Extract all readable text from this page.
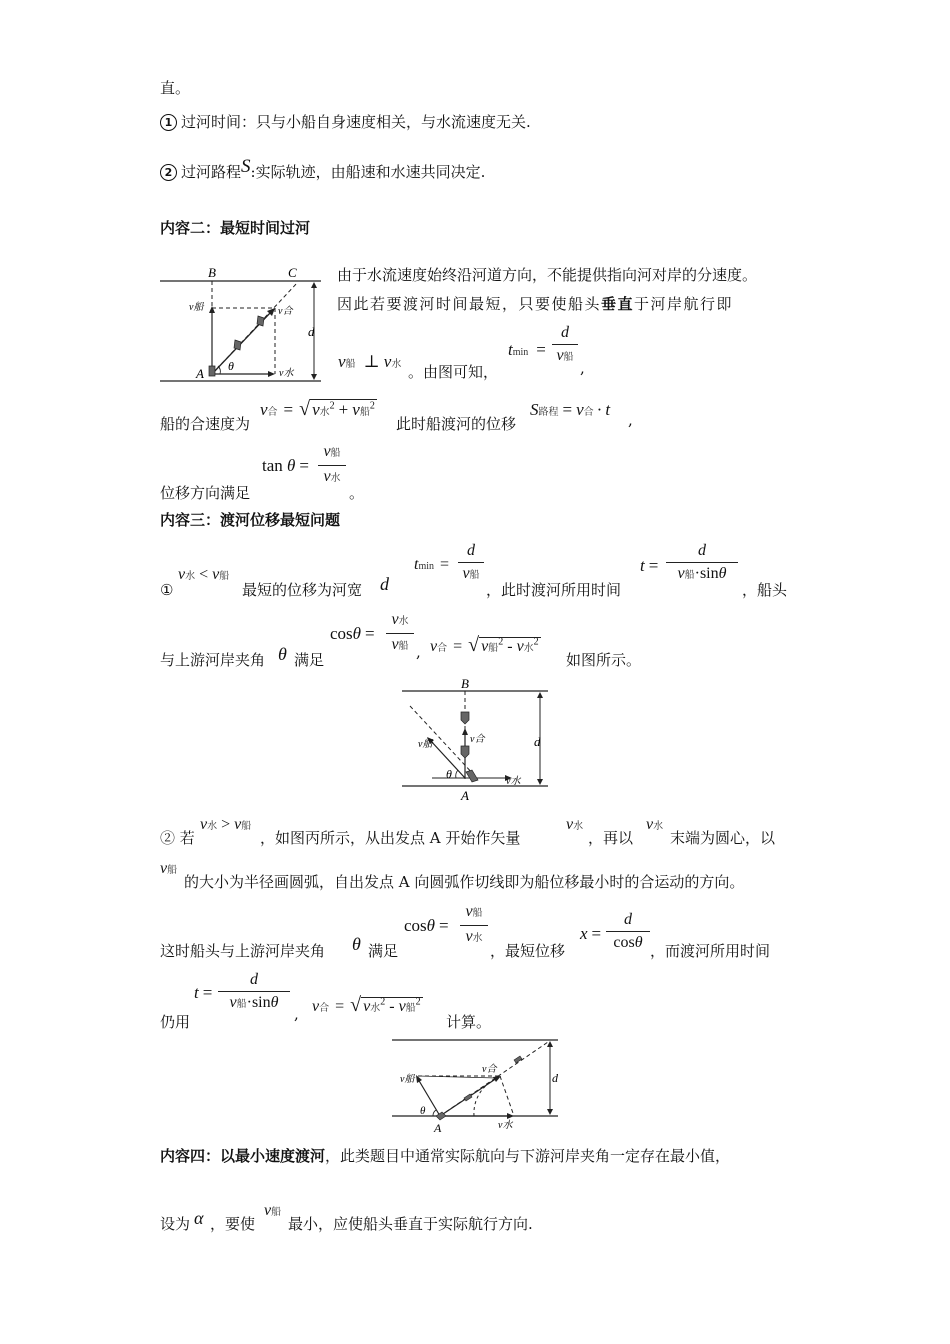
直。
1 过河时间：只与小船自身速度相关，与水流速度无关.
2 过河路程S:实际轨迹，由船速和水速共同决定.
内容二：最短时间过河
B	C
A
d
v船	v合
v水
θ
由于水流速度始终沿河道方向，不能提供指向河对岸的分速度。
因此若要渡河时间最短，只要使船头垂直于河岸航行即
v船 ⊥ v水 。由图可知，
tmin =
d
v船
,
船的合速度为
v合 = √ v水$^2$ + v船$^2$
此时船渡河的位移
S路程 = v合 · t
,
tan θ =
v船
v水
位移方向满足	。
内容三：渡河位移最短问题
①
v水 < v船
最短的位移为河宽 d
tmin =
d
v船
，此时渡河所用时间
t =
d
v船·sinθ
，船头
与上游河岸夹角 θ 满足
cosθ =
v水
v船 , v合 = √ v船$^2$ - v水$^2$
如图所示。
B
A
d
v船	v合
v水
θ
② 若
v水 > v船
，如图丙所示，从出发点 A 开始作矢量
v水
，再以
v水
末端为圆心，以
v船
的大小为半径画圆弧，自出发点 A 向圆弧作切线即为船位移最小时的合运动的方向。
这时船头与上游河岸夹角 θ 满足
cosθ =
v船
v水
，最短位移
x =
d
cosθ ，而渡河所用时间
t =
d
v船·sinθ
仍用	, v合 = √ v水$^2$ - v船$^2$
计算。
A
d
v船
v合
v水
θ
内容四：以最小速度渡河，此类题目中通常实际航向与下游河岸夹角一定存在最小值，
设为 α ，要使
v船
最小，应使船头垂直于实际航行方向.
